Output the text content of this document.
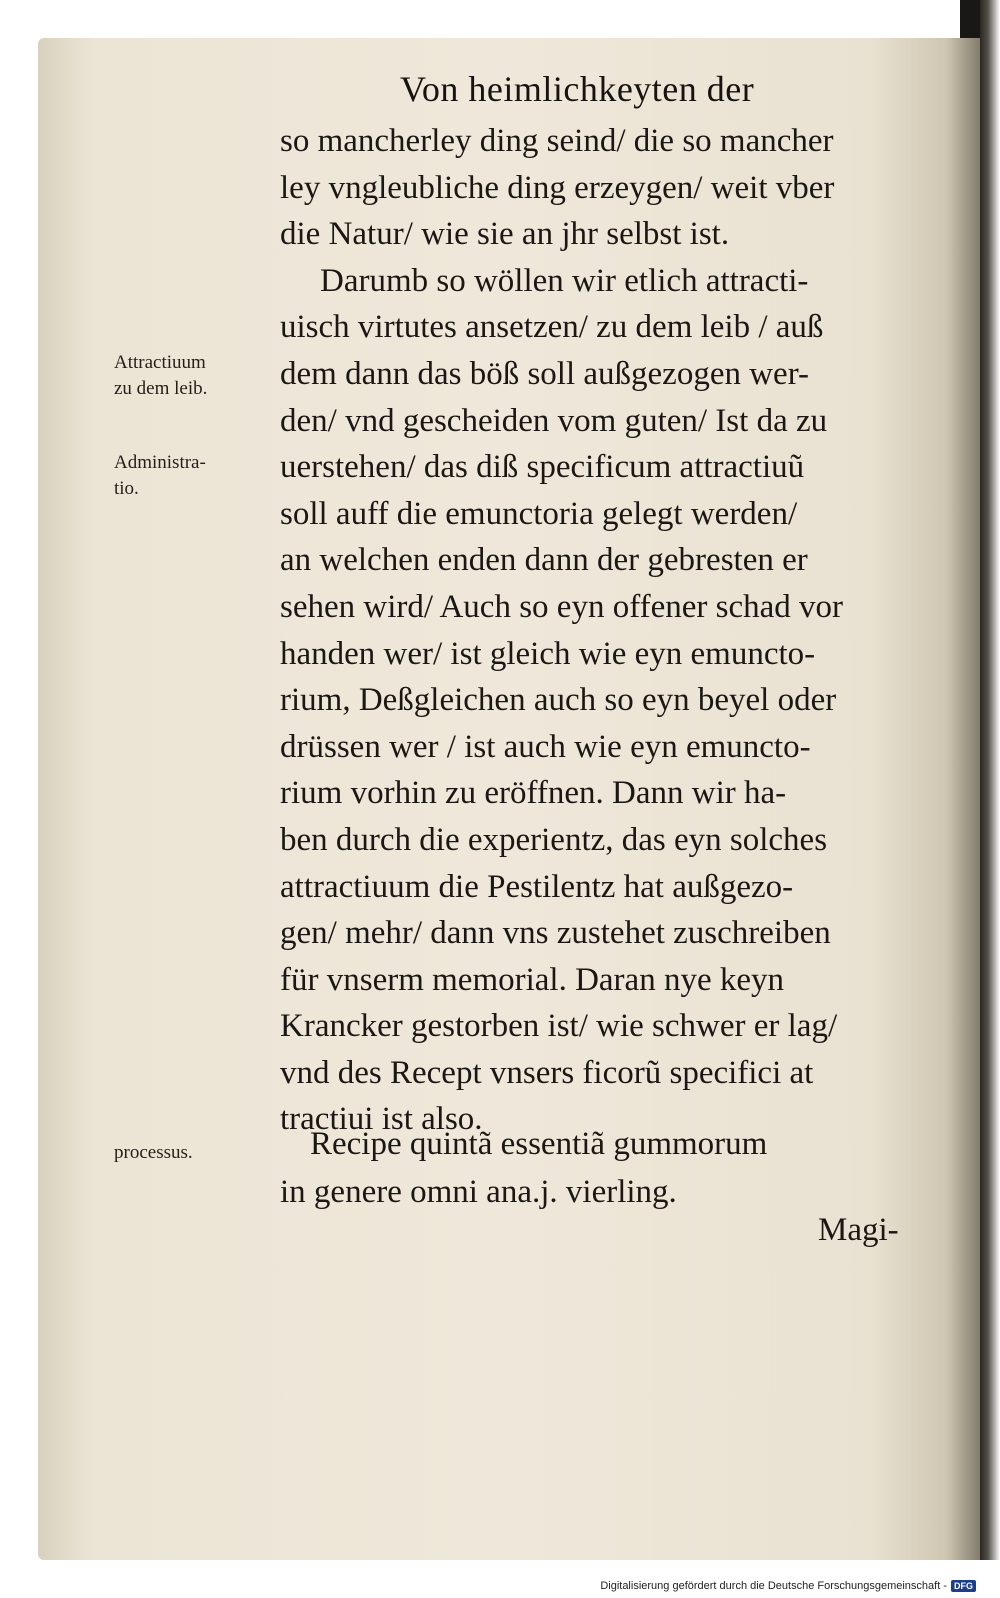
Von heimlichkeyten der
so mancherley ding seind/ die so mancher
ley vngleubliche ding erzeygen/ weit vber
die Natur/ wie sie an jhr selbst ist.
Darumb so wöllen wir etlich attracti-
uisch virtutes ansetzen/ zu dem leib / auß
dem dann das böß soll außgezogen wer-
den/ vnd gescheiden vom guten/ Ist da zu
uerstehen/ das diß specificum attractiuũ
soll auff die emunctoria gelegt werden/
an welchen enden dann der gebresten er
sehen wird/ Auch so eyn offener schad vor
handen wer/ ist gleich wie eyn emuncto-
rium, Deßgleichen auch so eyn beyel oder
drüssen wer / ist auch wie eyn emuncto-
rium vorhin zu eröffnen. Dann wir ha-
ben durch die experientz, das eyn solches
attractiuum die Pestilentz hat außgezo-
gen/ mehr/ dann vns zustehet zuschreiben
für vnserm memorial. Daran nye keyn
Krancker gestorben ist/ wie schwer er lag/
vnd des Recept vnsers ficorũ specifici at
tractiui ist also.
Attractiuum
zu dem leib.
Administra-
tio.
processus.	Recipe quintã essentiã gummorum
in genere omni ana.j. vierling.
Magi-
Digitalisierung gefördert durch die Deutsche Forschungsgemeinschaft - DFG
